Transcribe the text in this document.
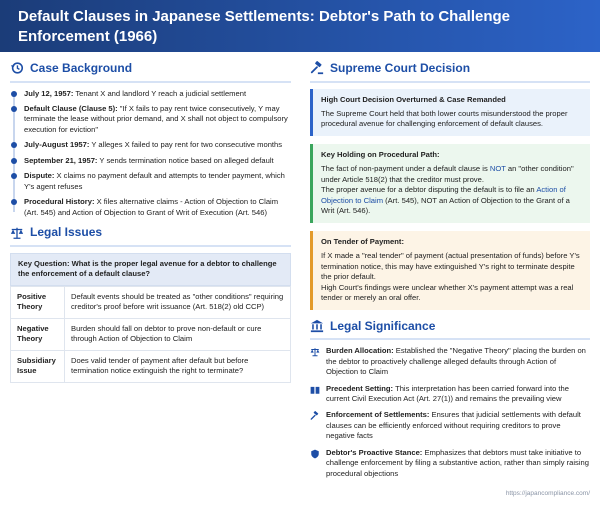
Default Clauses in Japanese Settlements: Debtor's Path to Challenge Enforcement (1966)
Case Background
July 12, 1957: Tenant X and landlord Y reach a judicial settlement
Default Clause (Clause 5): "If X fails to pay rent twice consecutively, Y may terminate the lease without prior demand, and X shall not object to compulsory execution for eviction"
July-August 1957: Y alleges X failed to pay rent for two consecutive months
September 21, 1957: Y sends termination notice based on alleged default
Dispute: X claims no payment default and attempts to tender payment, which Y's agent refuses
Procedural History: X files alternative claims - Action of Objection to Claim (Art. 545) and Action of Objection to Grant of Writ of Execution (Art. 546)
Legal Issues
Key Question: What is the proper legal avenue for a debtor to challenge the enforcement of a default clause?
Positive Theory	Default events should be treated as "other conditions" requiring creditor's proof before writ issuance (Art. 518(2) old CCP)
Negative Theory	Burden should fall on debtor to prove non-default or cure through Action of Objection to Claim
Subsidiary Issue	Does valid tender of payment after default but before termination notice extinguish the right to terminate?
Supreme Court Decision
High Court Decision Overturned & Case Remanded

The Supreme Court held that both lower courts misunderstood the proper procedural avenue for challenging enforcement of default clauses.

Key Holding on Procedural Path:

The fact of non-payment under a default clause is NOT an "other condition" under Article 518(2) that the creditor must prove.

The proper avenue for a debtor disputing the default is to file an Action of Objection to Claim (Art. 545), NOT an Action of Objection to the Grant of a Writ (Art. 546).

On Tender of Payment:

If X made a "real tender" of payment (actual presentation of funds) before Y's termination notice, this may have extinguished Y's right to terminate despite the prior default.

High Court's findings were unclear whether X's payment attempt was a real tender or merely an oral offer.

Legal Significance
Burden Allocation: Established the "Negative Theory" placing the burden on the debtor to proactively challenge alleged defaults through Action of Objection to Claim
Precedent Setting: This interpretation has been carried forward into the current Civil Execution Act (Art. 27(1)) and remains the prevailing view
Enforcement of Settlements: Ensures that judicial settlements with default clauses can be efficiently enforced without requiring creditors to prove negative facts
Debtor's Proactive Stance: Emphasizes that debtors must take initiative to challenge enforcement by filing a substantive action, rather than simply raising procedural objections
https://japancompliance.com/
